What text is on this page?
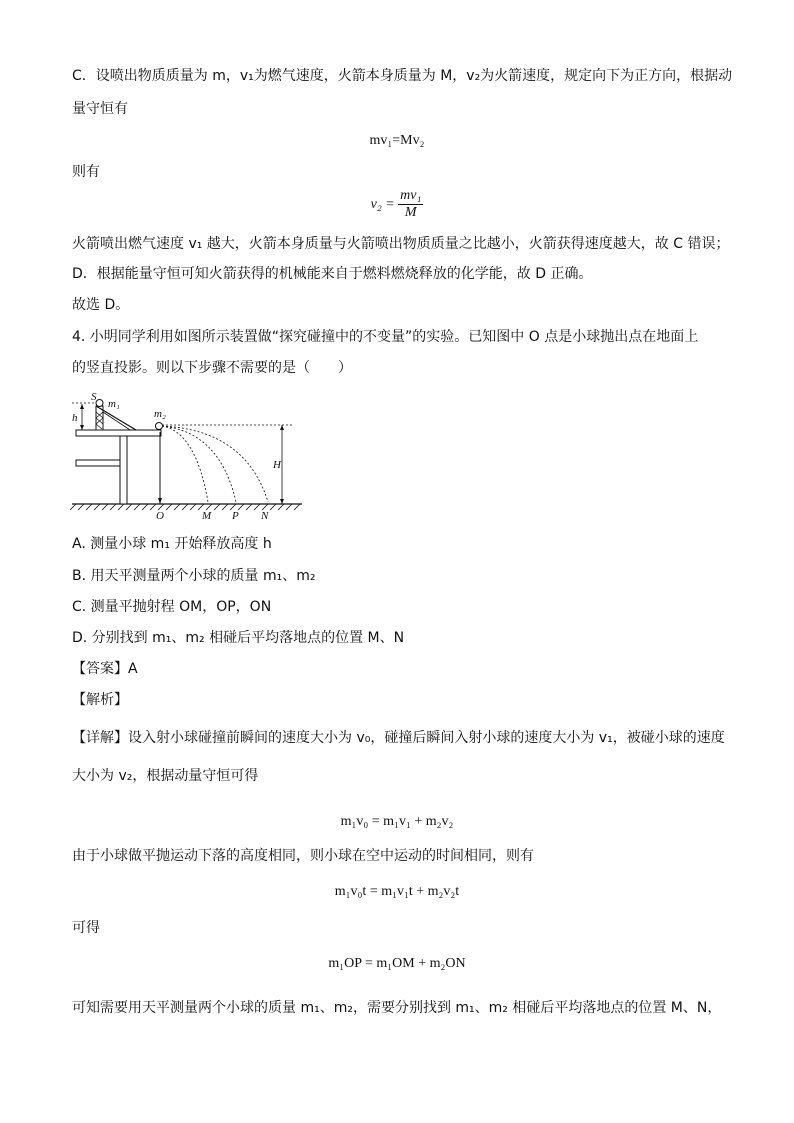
C．设喷出物质质量为 m，v₁为燃气速度，火箭本身质量为 M，v₂为火箭速度，规定向下为正方向，根据动
量守恒有
mv₁=Mv₂
则有
$v_2 = \frac{\text{mv₁}}{M}$
火箭喷出燃气速度 v₁ 越大，火箭本身质量与火箭喷出物质质量之比越小，火箭获得速度越大，故 C 错误；
D．根据能量守恒可知火箭获得的机械能来自于燃料燃烧释放的化学能，故 D 正确。
故选 D。
4. 小明同学利用如图所示装置做“探究碰撞中的不变量”的实验。已知图中 O 点是小球抛出点在地面上
的竖直投影。则以下步骤不需要的是（　　）
S
h
m₁
m₂
H
O	M P N
A. 测量小球 m₁ 开始释放高度 h
B. 用天平测量两个小球的质量 m₁、m₂
C. 测量平抛射程 OM，OP，ON
D. 分别找到 m₁、m₂ 相碰后平均落地点的位置 M、N
【答案】A
【解析】
【详解】设入射小球碰撞前瞬间的速度大小为 v₀，碰撞后瞬间入射小球的速度大小为 v₁，被碰小球的速度
大小为 v₂，根据动量守恒可得
m₁v₀ = m₁v₁ + m₂v₂
由于小球做平抛运动下落的高度相同，则小球在空中运动的时间相同，则有
m₁v₀t = m₁v₁t + m₂v₂t
可得
m₁OP = m₁OM + m₂ON
可知需要用天平测量两个小球的质量 m₁、m₂，需要分别找到 m₁、m₂ 相碰后平均落地点的位置 M、N，
